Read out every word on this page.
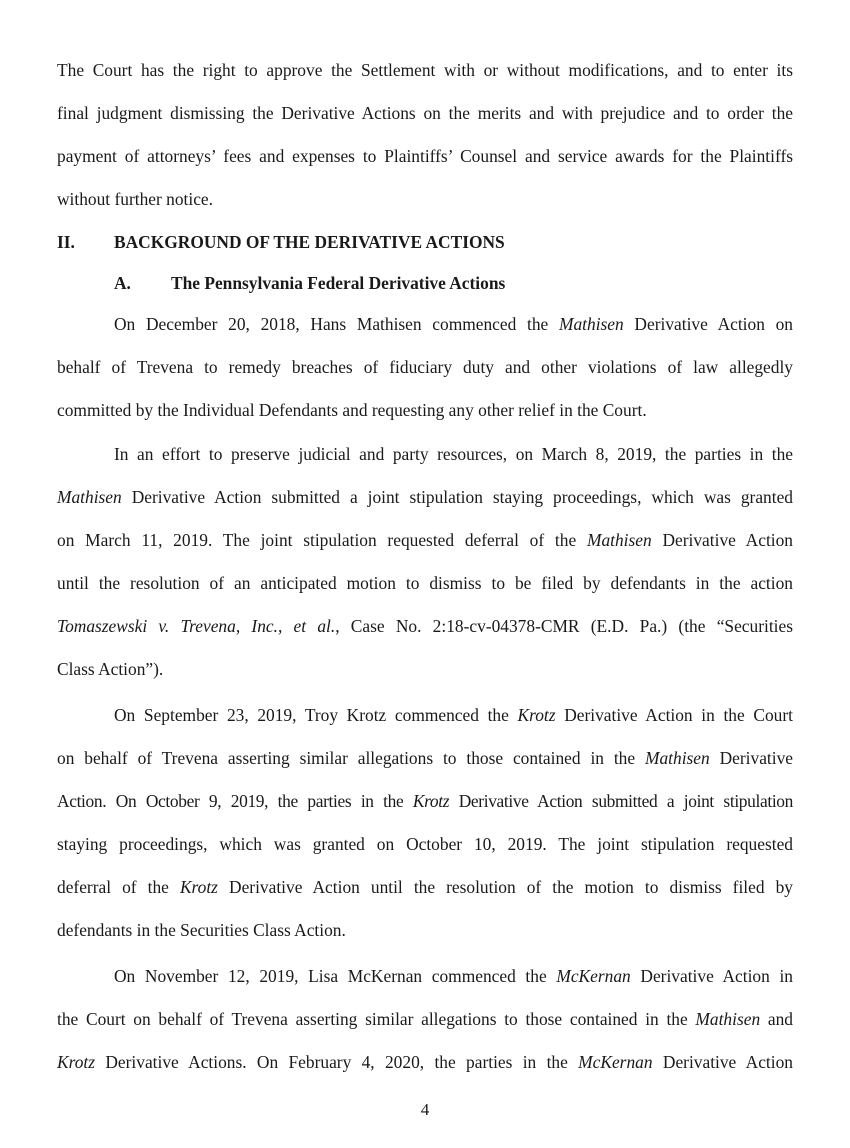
The Court has the right to approve the Settlement with or without modifications, and to enter its
final judgment dismissing the Derivative Actions on the merits and with prejudice and to order the
payment of attorneys’ fees and expenses to Plaintiffs’ Counsel and service awards for the Plaintiffs
without further notice.
II. BACKGROUND OF THE DERIVATIVE ACTIONS
A. The Pennsylvania Federal Derivative Actions
On December 20, 2018, Hans Mathisen commenced the Mathisen Derivative Action on
behalf of Trevena to remedy breaches of fiduciary duty and other violations of law allegedly
committed by the Individual Defendants and requesting any other relief in the Court.
In an effort to preserve judicial and party resources, on March 8, 2019, the parties in the
Mathisen Derivative Action submitted a joint stipulation staying proceedings, which was granted
on March 11, 2019. The joint stipulation requested deferral of the Mathisen Derivative Action
until the resolution of an anticipated motion to dismiss to be filed by defendants in the action
Tomaszewski v. Trevena, Inc., et al., Case No. 2:18-cv-04378-CMR (E.D. Pa.) (the “Securities
Class Action”).
On September 23, 2019, Troy Krotz commenced the Krotz Derivative Action in the Court
on behalf of Trevena asserting similar allegations to those contained in the Mathisen Derivative
Action. On October 9, 2019, the parties in the Krotz Derivative Action submitted a joint stipulation
staying proceedings, which was granted on October 10, 2019. The joint stipulation requested
deferral of the Krotz Derivative Action until the resolution of the motion to dismiss filed by
defendants in the Securities Class Action.
On November 12, 2019, Lisa McKernan commenced the McKernan Derivative Action in
the Court on behalf of Trevena asserting similar allegations to those contained in the Mathisen and
Krotz Derivative Actions. On February 4, 2020, the parties in the McKernan Derivative Action
4
